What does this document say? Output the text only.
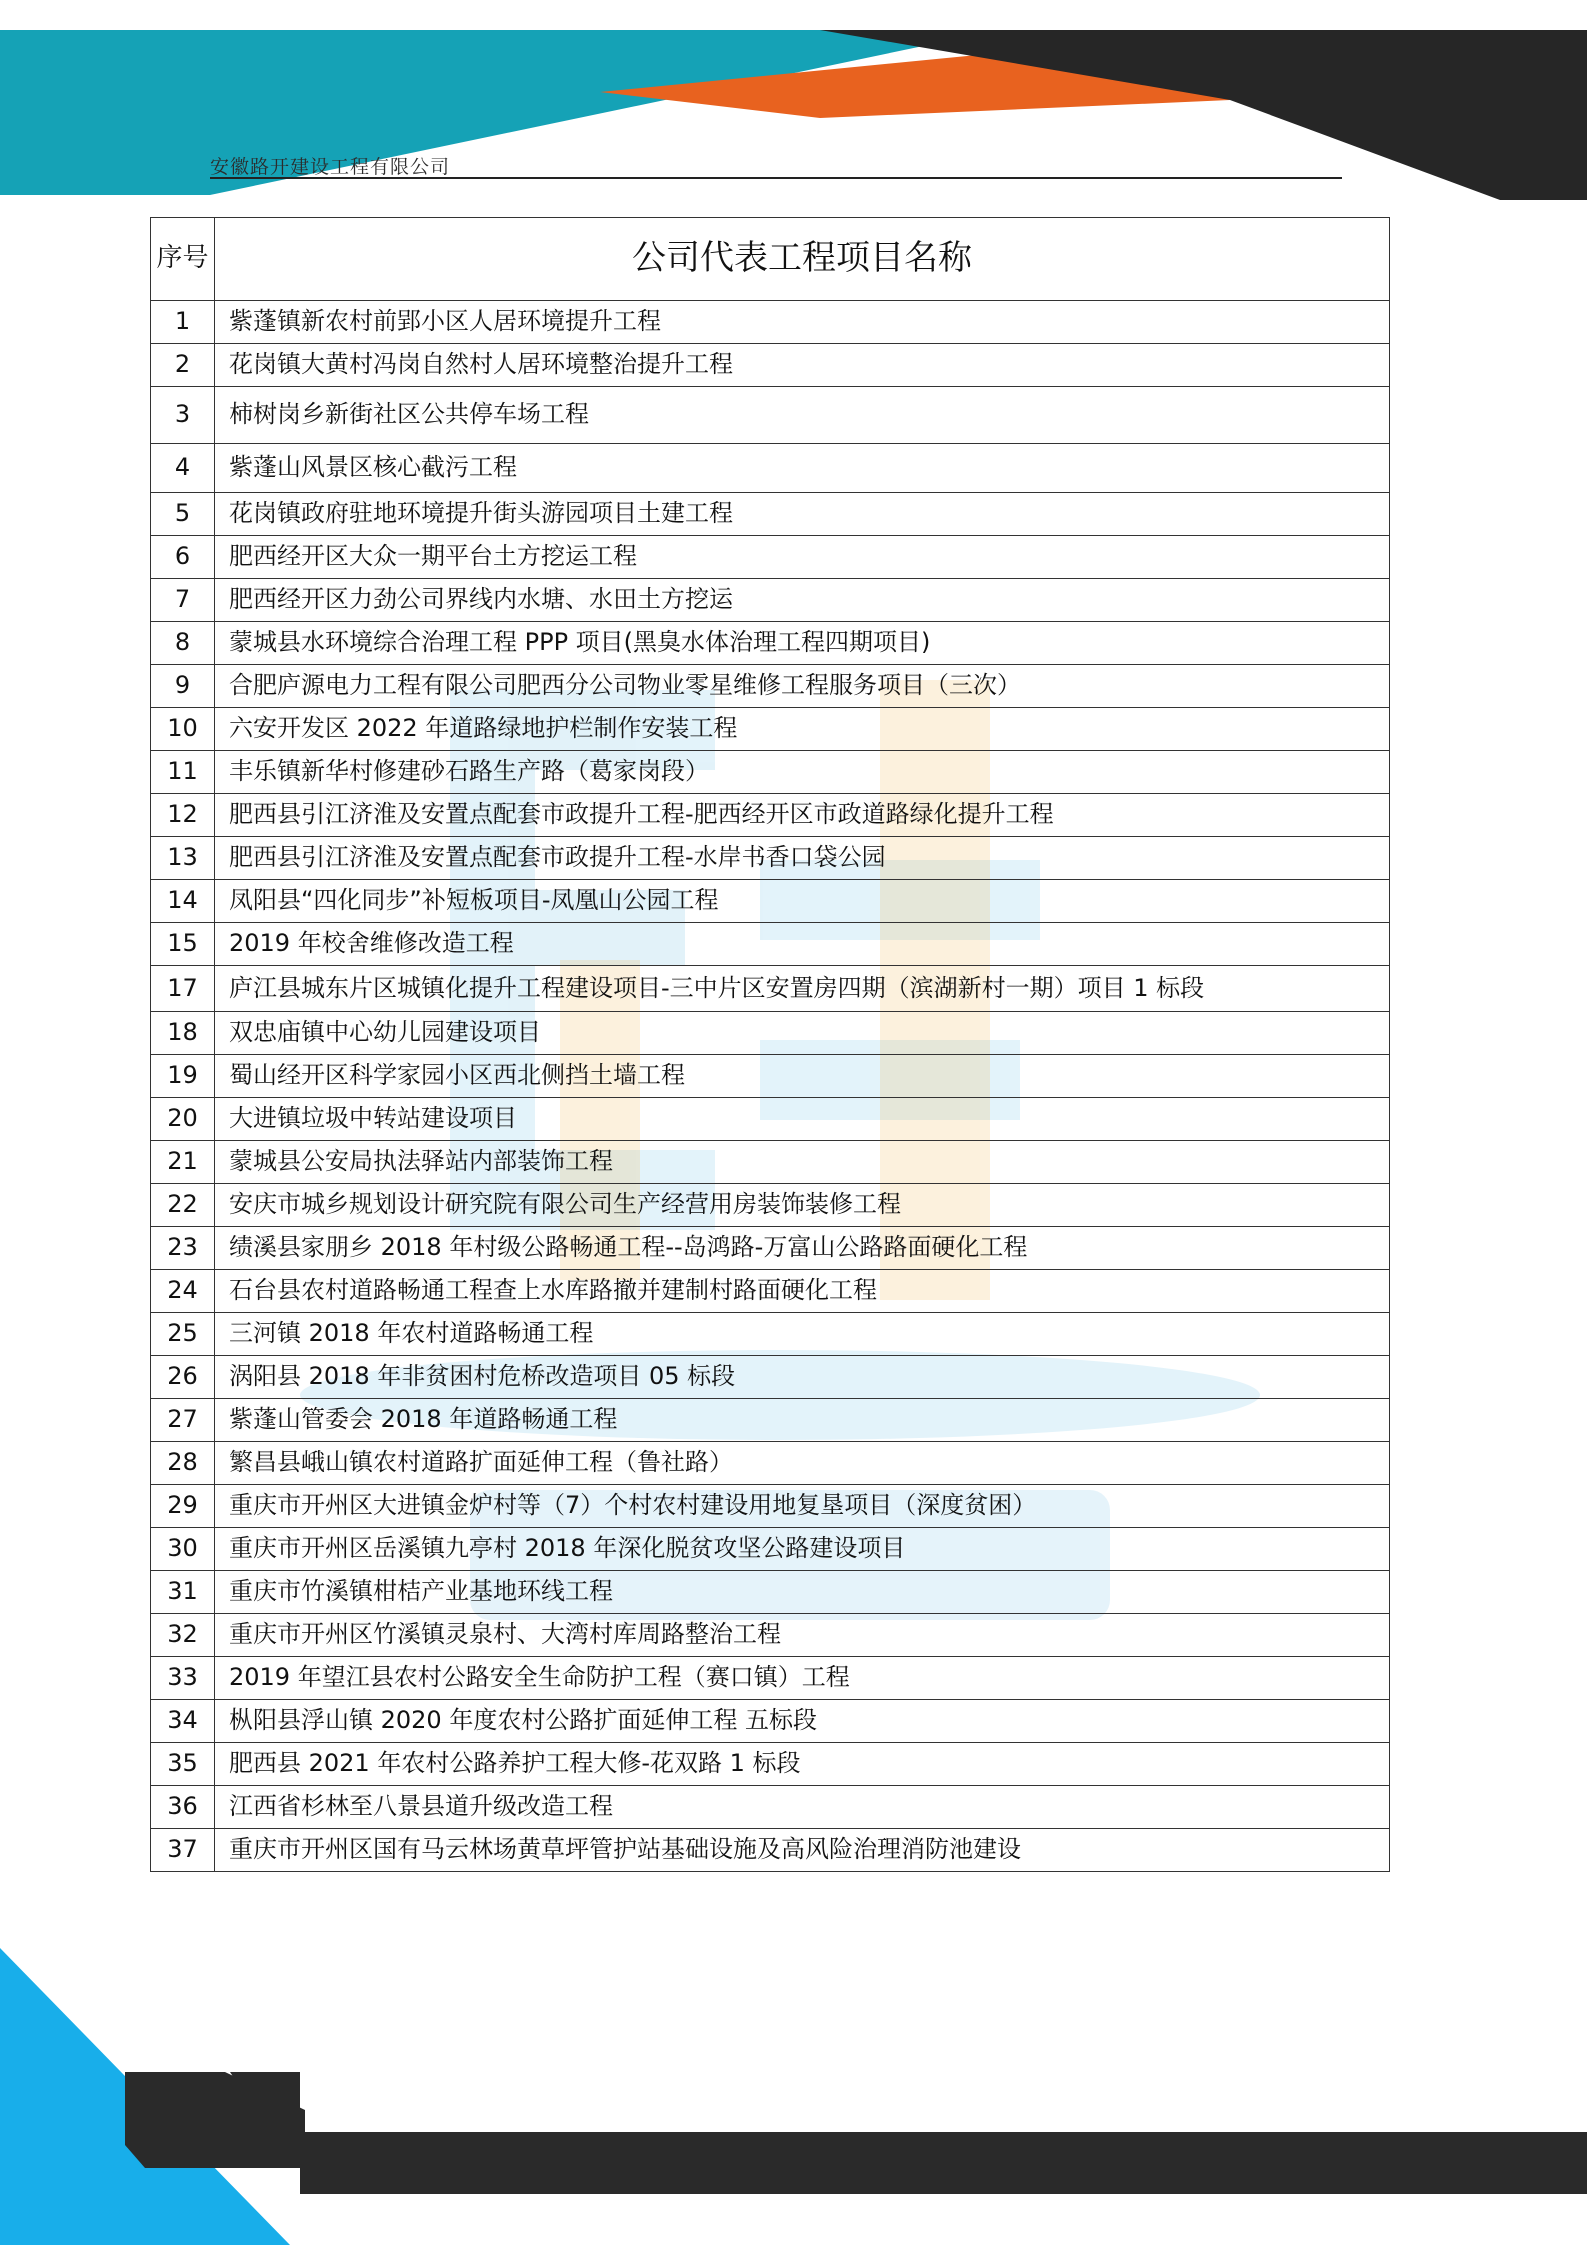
安徽路开建设工程有限公司
序号	公司代表工程项目名称
1	紫蓬镇新农村前郢小区人居环境提升工程
2	花岗镇大黄村冯岗自然村人居环境整治提升工程
3	柿树岗乡新街社区公共停车场工程
4	紫蓬山风景区核心截污工程
5	花岗镇政府驻地环境提升街头游园项目土建工程
6	肥西经开区大众一期平台土方挖运工程
7	肥西经开区力劲公司界线内水塘、水田土方挖运
8	蒙城县水环境综合治理工程 PPP 项目(黑臭水体治理工程四期项目)
9	合肥庐源电力工程有限公司肥西分公司物业零星维修工程服务项目（三次）
10	六安开发区 2022 年道路绿地护栏制作安装工程
11	丰乐镇新华村修建砂石路生产路（葛家岗段）
12	肥西县引江济淮及安置点配套市政提升工程-肥西经开区市政道路绿化提升工程
13	肥西县引江济淮及安置点配套市政提升工程-水岸书香口袋公园
14	凤阳县“四化同步”补短板项目-凤凰山公园工程
15	2019 年校舍维修改造工程
17	庐江县城东片区城镇化提升工程建设项目-三中片区安置房四期（滨湖新村一期）项目 1 标段
18	双忠庙镇中心幼儿园建设项目
19	蜀山经开区科学家园小区西北侧挡土墙工程
20	大进镇垃圾中转站建设项目
21	蒙城县公安局执法驿站内部装饰工程
22	安庆市城乡规划设计研究院有限公司生产经营用房装饰装修工程
23	绩溪县家朋乡 2018 年村级公路畅通工程--岛鸿路-万富山公路路面硬化工程
24	石台县农村道路畅通工程查上水库路撤并建制村路面硬化工程
25	三河镇 2018 年农村道路畅通工程
26	涡阳县 2018 年非贫困村危桥改造项目 05 标段
27	紫蓬山管委会 2018 年道路畅通工程
28	繁昌县峨山镇农村道路扩面延伸工程（鲁社路）
29	重庆市开州区大进镇金炉村等（7）个村农村建设用地复垦项目（深度贫困）
30	重庆市开州区岳溪镇九亭村 2018 年深化脱贫攻坚公路建设项目
31	重庆市竹溪镇柑桔产业基地环线工程
32	重庆市开州区竹溪镇灵泉村、大湾村库周路整治工程
33	2019 年望江县农村公路安全生命防护工程（赛口镇）工程
34	枞阳县浮山镇 2020 年度农村公路扩面延伸工程 五标段
35	肥西县 2021 年农村公路养护工程大修-花双路 1 标段
36	江西省杉林至八景县道升级改造工程
37	重庆市开州区国有马云林场黄草坪管护站基础设施及高风险治理消防池建设
